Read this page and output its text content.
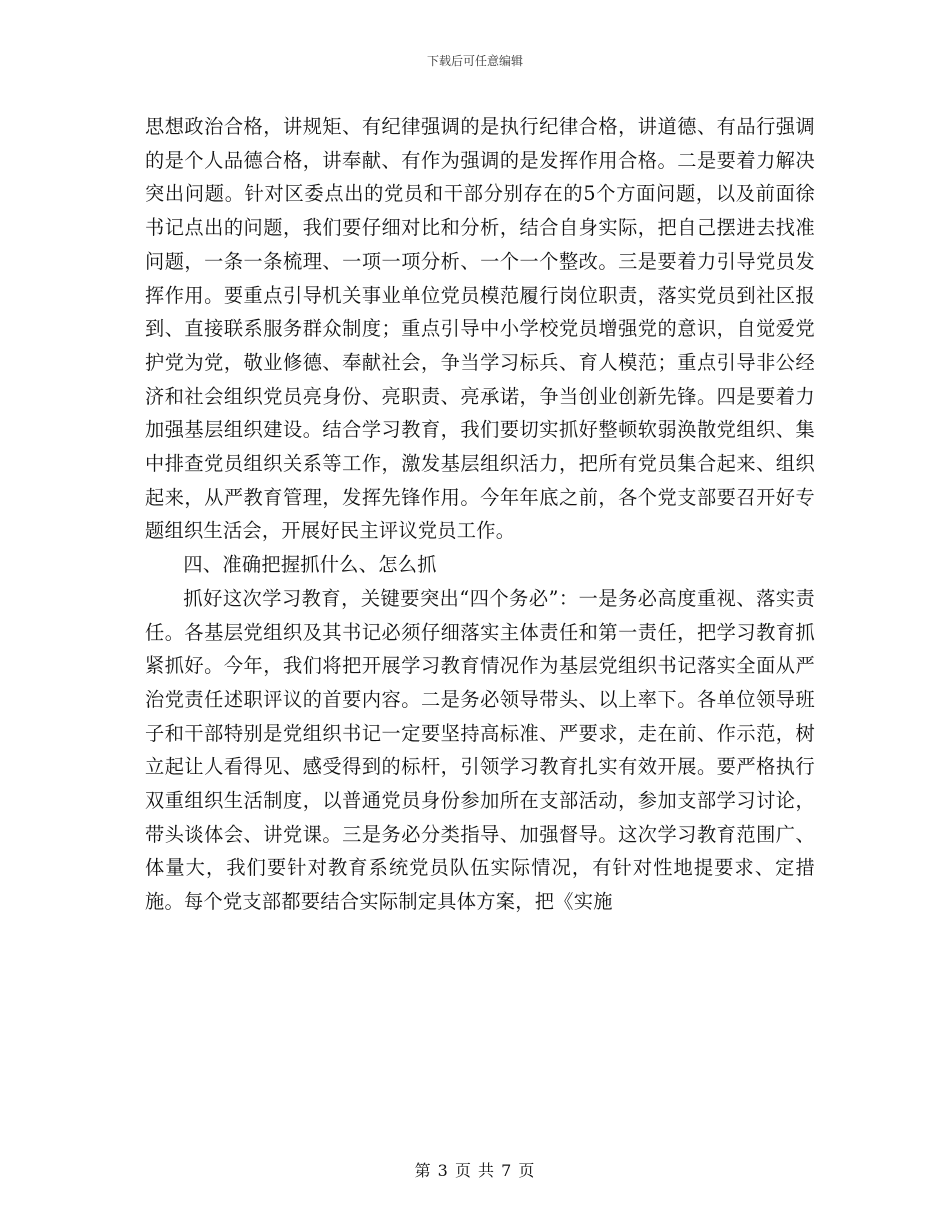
下载后可任意编辑

思想政治合格，讲规矩、有纪律强调的是执行纪律合格，讲道德、有品行强调的是个人品德合格，讲奉献、有作为强调的是发挥作用合格。二是要着力解决突出问题。针对区委点出的党员和干部分别存在的5个方面问题，以及前面徐书记点出的问题，我们要仔细对比和分析，结合自身实际，把自己摆进去找准问题，一条一条梳理、一项一项分析、一个一个整改。三是要着力引导党员发挥作用。要重点引导机关事业单位党员模范履行岗位职责，落实党员到社区报到、直接联系服务群众制度；重点引导中小学校党员增强党的意识，自觉爱党护党为党，敬业修德、奉献社会，争当学习标兵、育人模范；重点引导非公经济和社会组织党员亮身份、亮职责、亮承诺，争当创业创新先锋。四是要着力加强基层组织建设。结合学习教育，我们要切实抓好整顿软弱涣散党组织、集中排查党员组织关系等工作，激发基层组织活力，把所有党员集合起来、组织起来，从严教育管理，发挥先锋作用。今年年底之前，各个党支部要召开好专题组织生活会，开展好民主评议党员工作。

四、准确把握抓什么、怎么抓

抓好这次学习教育，关键要突出“四个务必”：一是务必高度重视、落实责任。各基层党组织及其书记必须仔细落实主体责任和第一责任，把学习教育抓紧抓好。今年，我们将把开展学习教育情况作为基层党组织书记落实全面从严治党责任述职评议的首要内容。二是务必领导带头、以上率下。各单位领导班子和干部特别是党组织书记一定要坚持高标准、严要求，走在前、作示范，树立起让人看得见、感受得到的标杆，引领学习教育扎实有效开展。要严格执行双重组织生活制度，以普通党员身份参加所在支部活动，参加支部学习讨论，带头谈体会、讲党课。三是务必分类指导、加强督导。这次学习教育范围广、体量大，我们要针对教育系统党员队伍实际情况，有针对性地提要求、定措施。每个党支部都要结合实际制定具体方案，把《实施

第 3 页 共 7 页
